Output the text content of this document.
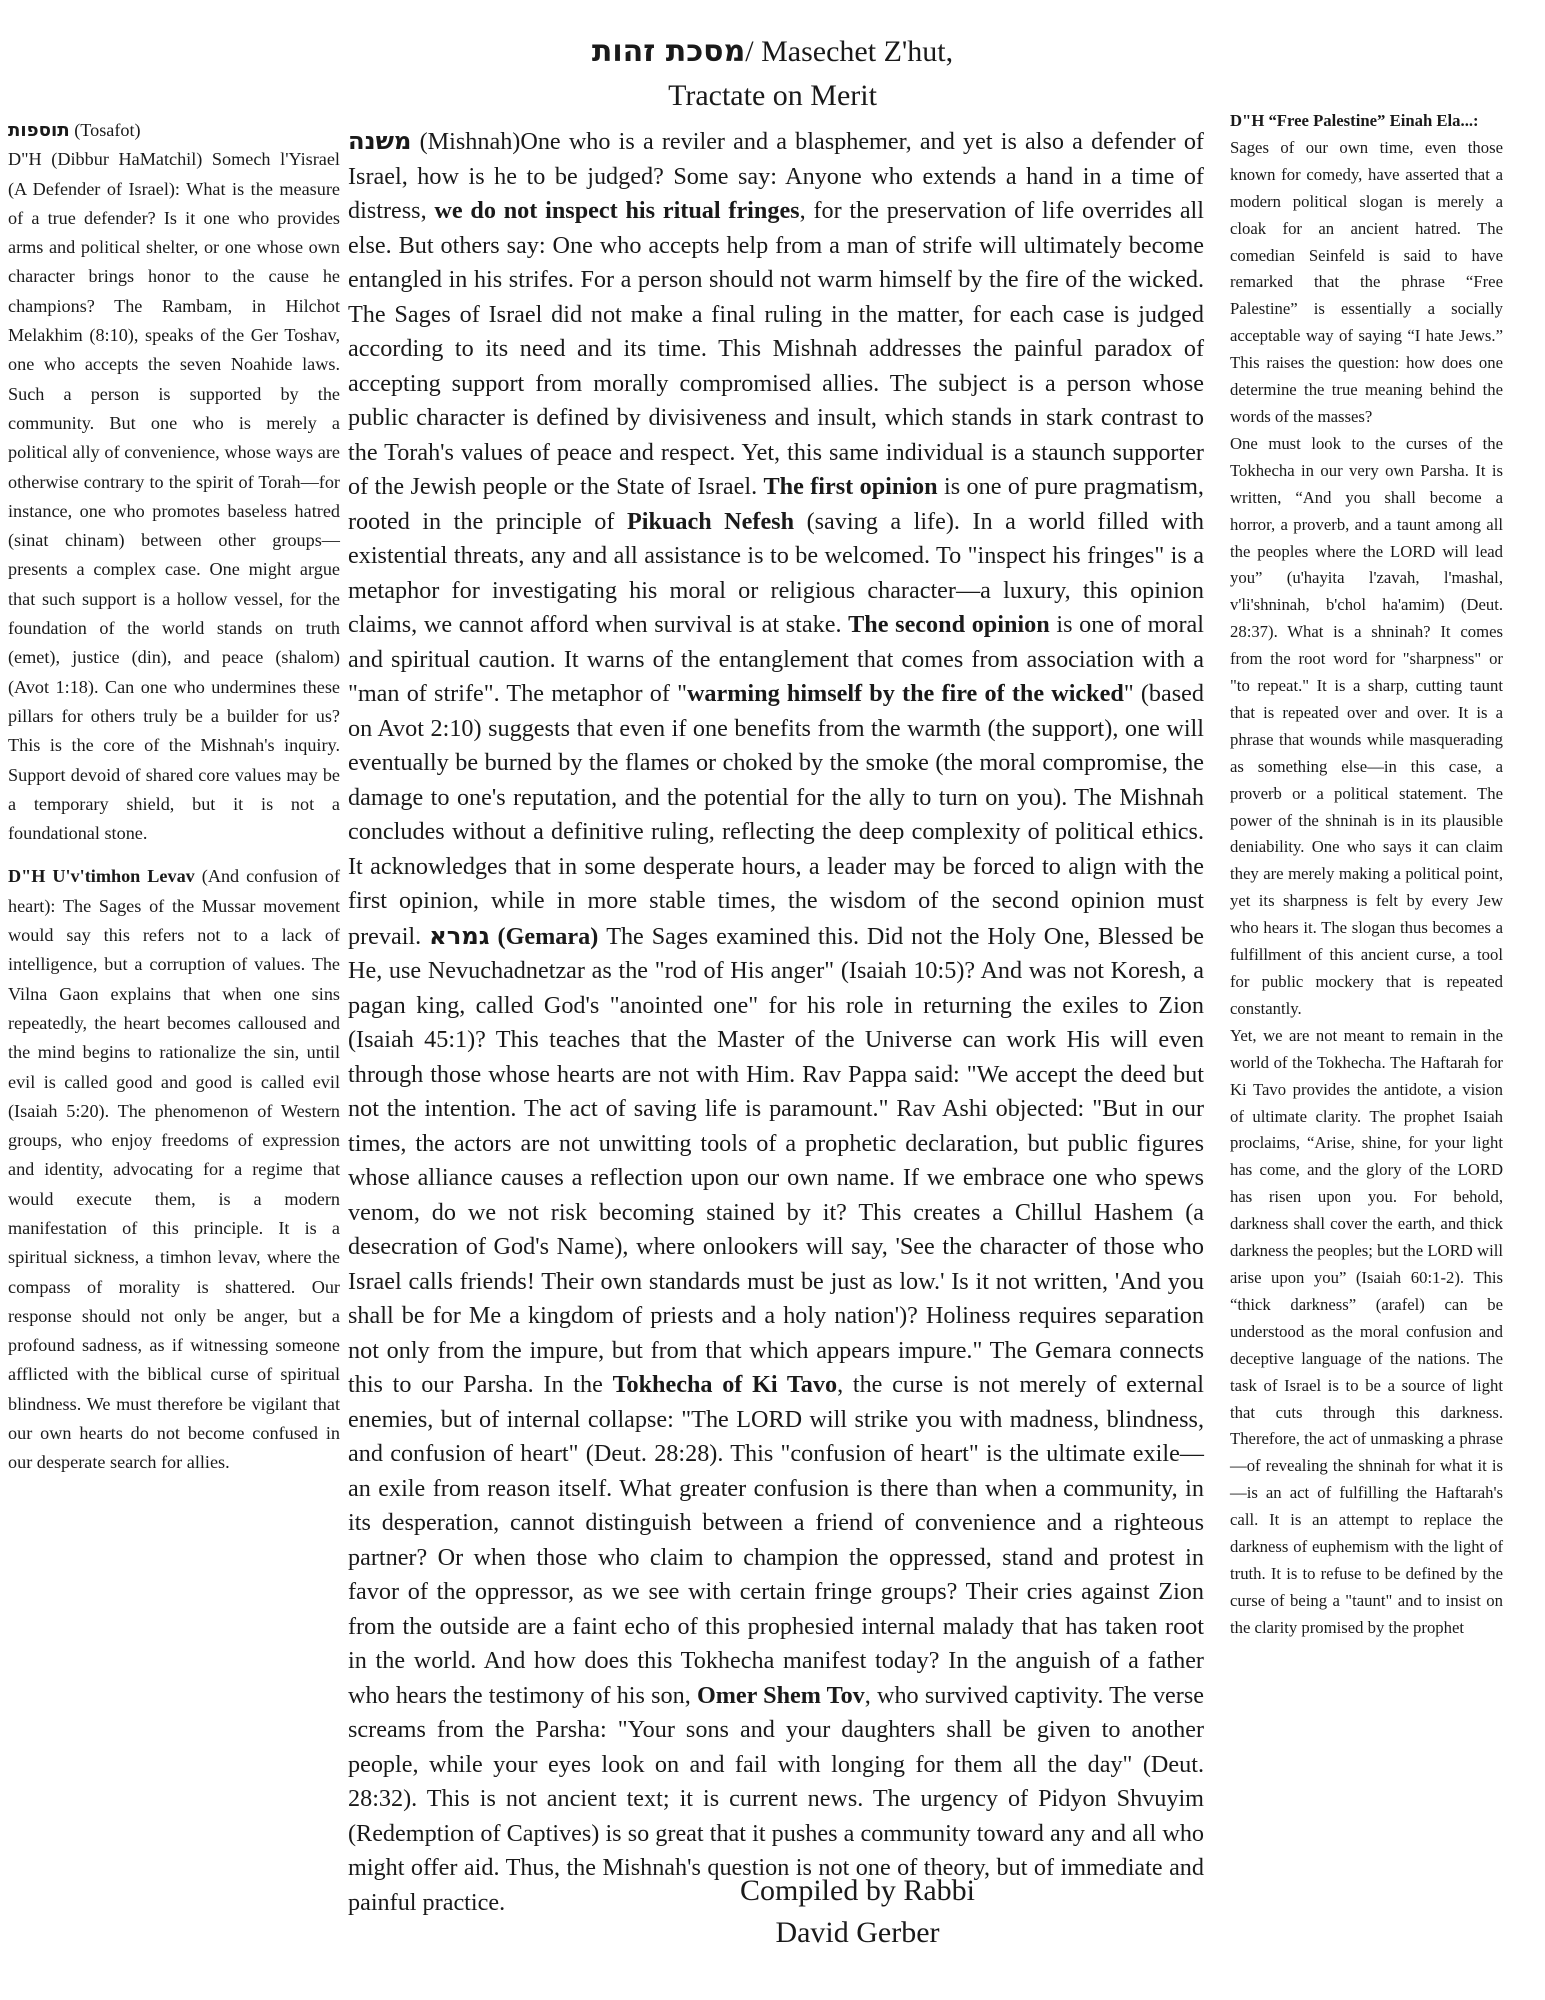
מסכת זהות/ Masechet Z'hut,
Tractate on Merit

תוספות (Tosafot)

D"H (Dibbur HaMatchil) Somech l'Yisrael (A Defender of Israel): What is the measure of a true defender? Is it one who provides arms and political shelter, or one whose own character brings honor to the cause he champions? The Rambam, in Hilchot Melakhim (8:10), speaks of the Ger Toshav, one who accepts the seven Noahide laws. Such a person is supported by the community. But one who is merely a political ally of convenience, whose ways are otherwise contrary to the spirit of Torah—for instance, one who promotes baseless hatred (sinat chinam) between other groups—presents a complex case. One might argue that such support is a hollow vessel, for the foundation of the world stands on truth (emet), justice (din), and peace (shalom) (Avot 1:18). Can one who undermines these pillars for others truly be a builder for us? This is the core of the Mishnah's inquiry. Support devoid of shared core values may be a temporary shield, but it is not a foundational stone.

D"H U'v'timhon Levav (And confusion of heart): The Sages of the Mussar movement would say this refers not to a lack of intelligence, but a corruption of values. The Vilna Gaon explains that when one sins repeatedly, the heart becomes calloused and the mind begins to rationalize the sin, until evil is called good and good is called evil (Isaiah 5:20). The phenomenon of Western groups, who enjoy freedoms of expression and identity, advocating for a regime that would execute them, is a modern manifestation of this principle. It is a spiritual sickness, a timhon levav, where the compass of morality is shattered. Our response should not only be anger, but a profound sadness, as if witnessing someone afflicted with the biblical curse of spiritual blindness. We must therefore be vigilant that our own hearts do not become confused in our desperate search for allies.

משנה (Mishnah)One who is a reviler and a blasphemer, and yet is also a defender of Israel, how is he to be judged? Some say: Anyone who extends a hand in a time of distress, we do not inspect his ritual fringes, for the preservation of life overrides all else. But others say: One who accepts help from a man of strife will ultimately become entangled in his strifes. For a person should not warm himself by the fire of the wicked. The Sages of Israel did not make a final ruling in the matter, for each case is judged according to its need and its time. This Mishnah addresses the painful paradox of accepting support from morally compromised allies. The subject is a person whose public character is defined by divisiveness and insult, which stands in stark contrast to the Torah's values of peace and respect. Yet, this same individual is a staunch supporter of the Jewish people or the State of Israel. The first opinion is one of pure pragmatism, rooted in the principle of Pikuach Nefesh (saving a life). In a world filled with existential threats, any and all assistance is to be welcomed. To "inspect his fringes" is a metaphor for investigating his moral or religious character—a luxury, this opinion claims, we cannot afford when survival is at stake. The second opinion is one of moral and spiritual caution. It warns of the entanglement that comes from association with a "man of strife". The metaphor of "warming himself by the fire of the wicked" (based on Avot 2:10) suggests that even if one benefits from the warmth (the support), one will eventually be burned by the flames or choked by the smoke (the moral compromise, the damage to one's reputation, and the potential for the ally to turn on you). The Mishnah concludes without a definitive ruling, reflecting the deep complexity of political ethics. It acknowledges that in some desperate hours, a leader may be forced to align with the first opinion, while in more stable times, the wisdom of the second opinion must prevail. גמרא (Gemara) The Sages examined this. Did not the Holy One, Blessed be He, use Nevuchadnetzar as the "rod of His anger" (Isaiah 10:5)? And was not Koresh, a pagan king, called God's "anointed one" for his role in returning the exiles to Zion (Isaiah 45:1)? This teaches that the Master of the Universe can work His will even through those whose hearts are not with Him. Rav Pappa said: "We accept the deed but not the intention. The act of saving life is paramount." Rav Ashi objected: "But in our times, the actors are not unwitting tools of a prophetic declaration, but public figures whose alliance causes a reflection upon our own name. If we embrace one who spews venom, do we not risk becoming stained by it? This creates a Chillul Hashem (a desecration of God's Name), where onlookers will say, 'See the character of those who Israel calls friends! Their own standards must be just as low.' Is it not written, 'And you shall be for Me a kingdom of priests and a holy nation')? Holiness requires separation not only from the impure, but from that which appears impure." The Gemara connects this to our Parsha. In the Tokhecha of Ki Tavo, the curse is not merely of external enemies, but of internal collapse: "The LORD will strike you with madness, blindness, and confusion of heart" (Deut. 28:28). This "confusion of heart" is the ultimate exile—an exile from reason itself. What greater confusion is there than when a community, in its desperation, cannot distinguish between a friend of convenience and a righteous partner? Or when those who claim to champion the oppressed, stand and protest in favor of the oppressor, as we see with certain fringe groups? Their cries against Zion from the outside are a faint echo of this prophesied internal malady that has taken root in the world. And how does this Tokhecha manifest today? In the anguish of a father who hears the testimony of his son, Omer Shem Tov, who survived captivity. The verse screams from the Parsha: "Your sons and your daughters shall be given to another people, while your eyes look on and fail with longing for them all the day" (Deut. 28:32). This is not ancient text; it is current news. The urgency of Pidyon Shvuyim (Redemption of Captives) is so great that it pushes a community toward any and all who might offer aid. Thus, the Mishnah's question is not one of theory, but of immediate and painful practice.

D"H “Free Palestine” Einah Ela...:

Sages of our own time, even those known for comedy, have asserted that a modern political slogan is merely a cloak for an ancient hatred. The comedian Seinfeld is said to have remarked that the phrase “Free Palestine” is essentially a socially acceptable way of saying “I hate Jews.” This raises the question: how does one determine the true meaning behind the words of the masses?

One must look to the curses of the Tokhecha in our very own Parsha. It is written, “And you shall become a horror, a proverb, and a taunt among all the peoples where the LORD will lead you” (u'hayita l'zavah, l'mashal, v'li'shninah, b'chol ha'amim) (Deut. 28:37). What is a shninah? It comes from the root word for "sharpness" or "to repeat." It is a sharp, cutting taunt that is repeated over and over. It is a phrase that wounds while masquerading as something else—in this case, a proverb or a political statement. The power of the shninah is in its plausible deniability. One who says it can claim they are merely making a political point, yet its sharpness is felt by every Jew who hears it. The slogan thus becomes a fulfillment of this ancient curse, a tool for public mockery that is repeated constantly.

Yet, we are not meant to remain in the world of the Tokhecha. The Haftarah for Ki Tavo provides the antidote, a vision of ultimate clarity. The prophet Isaiah proclaims, “Arise, shine, for your light has come, and the glory of the LORD has risen upon you. For behold, darkness shall cover the earth, and thick darkness the peoples; but the LORD will arise upon you” (Isaiah 60:1-2). This “thick darkness” (arafel) can be understood as the moral confusion and deceptive language of the nations. The task of Israel is to be a source of light that cuts through this darkness. Therefore, the act of unmasking a phrase—of revealing the shninah for what it is—is an act of fulfilling the Haftarah's call. It is an attempt to replace the darkness of euphemism with the light of truth. It is to refuse to be defined by the curse of being a "taunt" and to insist on the clarity promised by the prophet

Compiled by Rabbi
David Gerber
